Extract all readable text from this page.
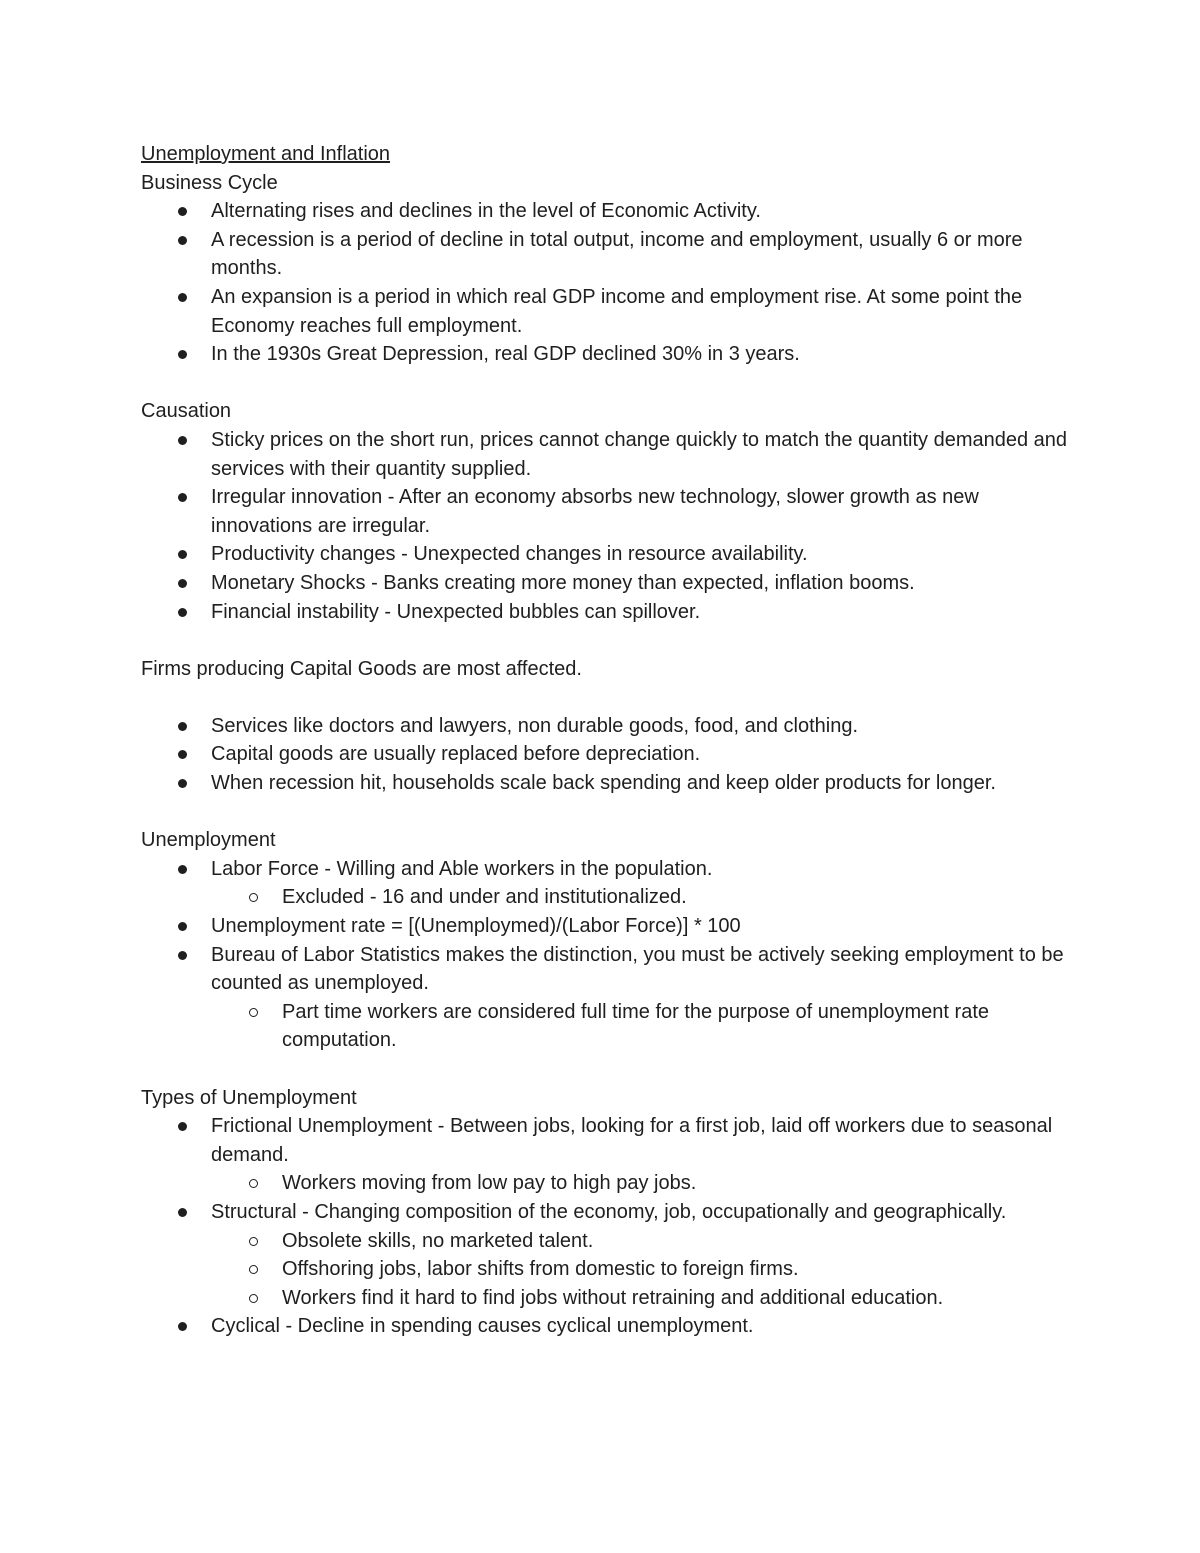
Unemployment and Inflation
Business Cycle
Alternating rises and declines in the level of Economic Activity.
A recession is a period of decline in total output, income and employment, usually 6 or more months.
An expansion is a period in which real GDP income and employment rise. At some point the Economy reaches full employment.
In the 1930s Great Depression, real GDP declined 30% in 3 years.
Causation
Sticky prices on the short run, prices cannot change quickly to match the quantity demanded and services with their quantity supplied.
Irregular innovation - After an economy absorbs new technology, slower growth as new innovations are irregular.
Productivity changes - Unexpected changes in resource availability.
Monetary Shocks - Banks creating more money than expected, inflation booms.
Financial instability - Unexpected bubbles can spillover.
Firms producing Capital Goods are most affected.
Services like doctors and lawyers, non durable goods, food, and clothing.
Capital goods are usually replaced before depreciation.
When recession hit, households scale back spending and keep older products for longer.
Unemployment
Labor Force - Willing and Able workers in the population.
Excluded - 16 and under and institutionalized.
Unemployment rate = [(Unemploymed)/(Labor Force)] * 100
Bureau of Labor Statistics makes the distinction, you must be actively seeking employment to be counted as unemployed.
Part time workers are considered full time for the purpose of unemployment rate computation.
Types of Unemployment
Frictional Unemployment - Between jobs, looking for a first job, laid off workers due to seasonal demand.
Workers moving from low pay to high pay jobs.
Structural - Changing composition of the economy, job, occupationally and geographically.
Obsolete skills, no marketed talent.
Offshoring jobs, labor shifts from domestic to foreign firms.
Workers find it hard to find jobs without retraining and additional education.
Cyclical - Decline in spending causes cyclical unemployment.
